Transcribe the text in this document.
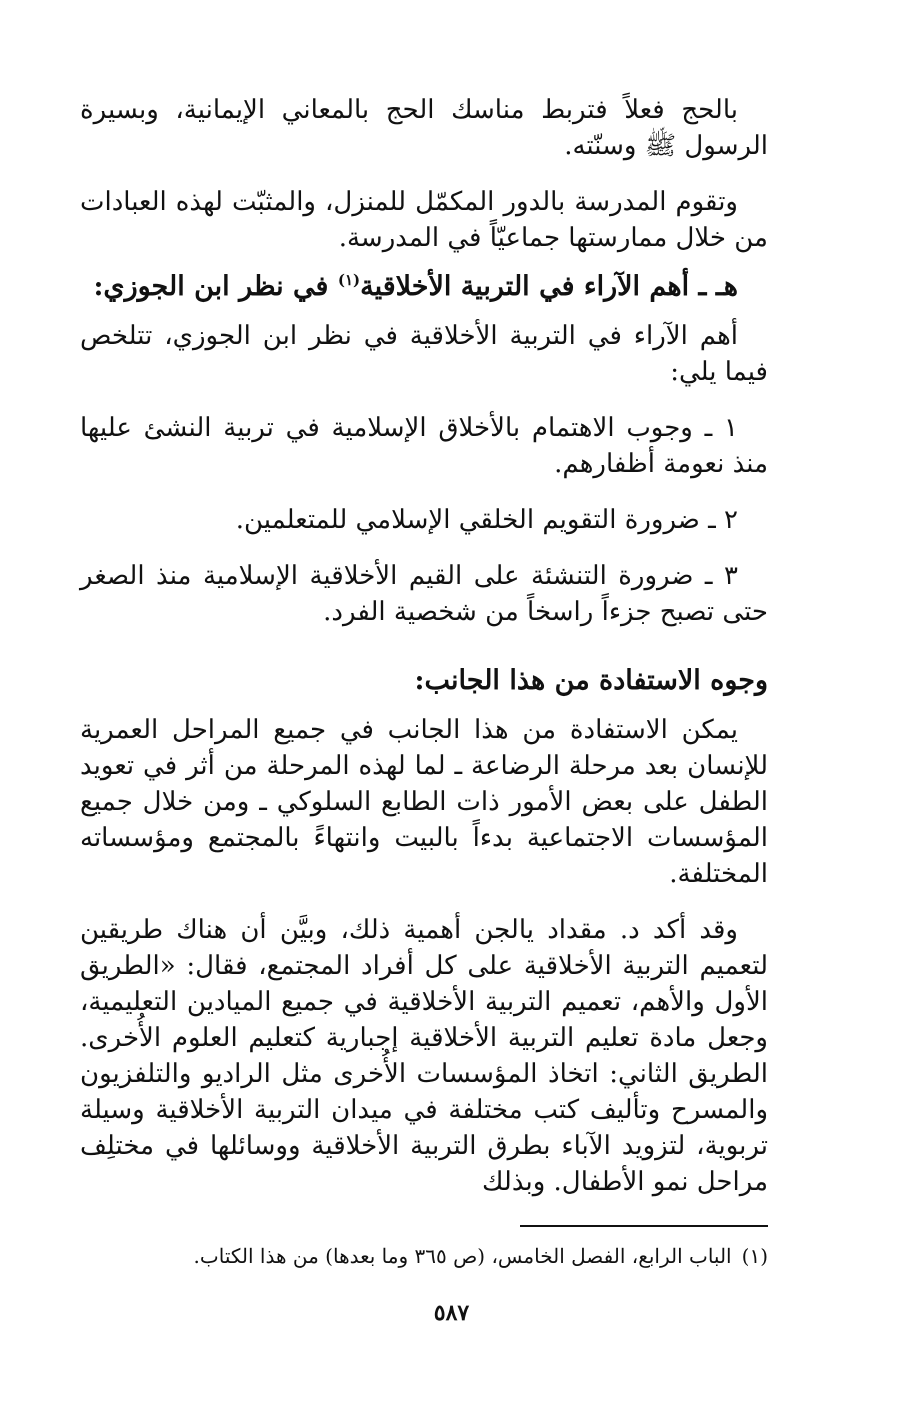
بالحج فعلاً فتربط مناسك الحج بالمعاني الإيمانية، وبسيرة الرسول ﷺ وسنّته.

وتقوم المدرسة بالدور المكمّل للمنزل، والمثبّت لهذه العبادات من خلال ممارستها جماعيّاً في المدرسة.

هـ ـ أهم الآراء في التربية الأخلاقية$^{(١)}$ في نظر ابن الجوزي:

أهم الآراء في التربية الأخلاقية في نظر ابن الجوزي، تتلخص فيما يلي:

١ ـ وجوب الاهتمام بالأخلاق الإسلامية في تربية النشئ عليها منذ نعومة أظفارهم.

٢ ـ ضرورة التقويم الخلقي الإسلامي للمتعلمين.

٣ ـ ضرورة التنشئة على القيم الأخلاقية الإسلامية منذ الصغر حتى تصبح جزءاً راسخاً من شخصية الفرد.

وجوه الاستفادة من هذا الجانب:

يمكن الاستفادة من هذا الجانب في جميع المراحل العمرية للإنسان بعد مرحلة الرضاعة ـ لما لهذه المرحلة من أثر في تعويد الطفل على بعض الأمور ذات الطابع السلوكي ـ ومن خلال جميع المؤسسات الاجتماعية بدءاً بالبيت وانتهاءً بالمجتمع ومؤسساته المختلفة.

وقد أكد د. مقداد يالجن أهمية ذلك، وبيَّن أن هناك طريقين لتعميم التربية الأخلاقية على كل أفراد المجتمع، فقال: «الطريق الأول والأهم، تعميم التربية الأخلاقية في جميع الميادين التعليمية، وجعل مادة تعليم التربية الأخلاقية إجبارية كتعليم العلوم الأُخرى. الطريق الثاني: اتخاذ المؤسسات الأُخرى مثل الراديو والتلفزيون والمسرح وتأليف كتب مختلفة في ميدان التربية الأخلاقية وسيلة تربوية، لتزويد الآباء بطرق التربية الأخلاقية ووسائلها في مختلِف مراحل نمو الأطفال. وبذلك

(١)الباب الرابع، الفصل الخامس، (ص ٣٦٥ وما بعدها) من هذا الكتاب.
٥٨٧
